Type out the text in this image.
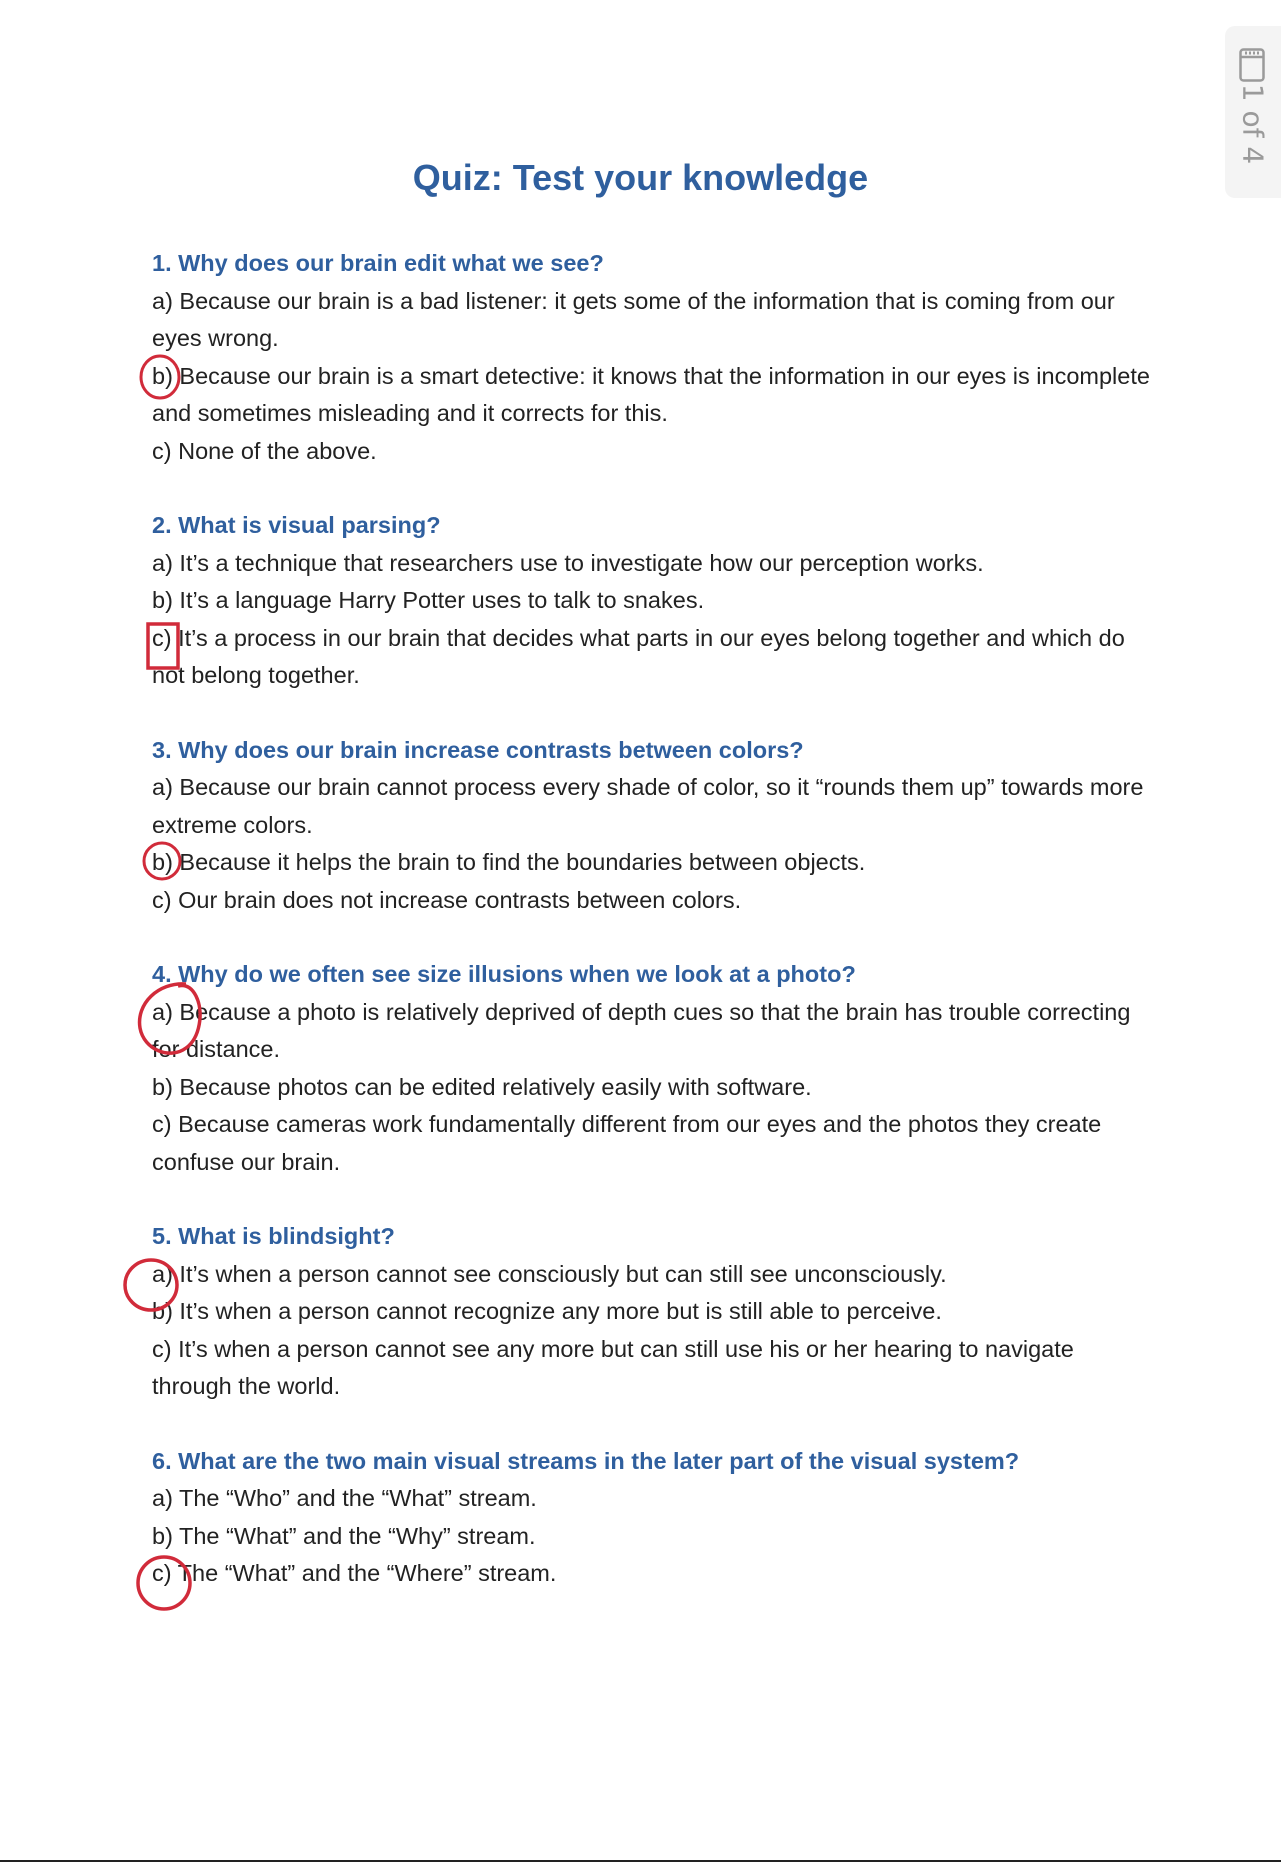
1 of 4
Quiz: Test your knowledge
1. Why does our brain edit what we see?
a) Because our brain is a bad listener: it gets some of the information that is coming from our eyes wrong.
b) Because our brain is a smart detective: it knows that the information in our eyes is incomplete and sometimes misleading and it corrects for this.
c) None of the above.
2. What is visual parsing?
a) It’s a technique that researchers use to investigate how our perception works.
b) It’s a language Harry Potter uses to talk to snakes.
c) It’s a process in our brain that decides what parts in our eyes belong together and which do not belong together.
3. Why does our brain increase contrasts between colors?
a) Because our brain cannot process every shade of color, so it “rounds them up” towards more extreme colors.
b) Because it helps the brain to find the boundaries between objects.
c) Our brain does not increase contrasts between colors.
4. Why do we often see size illusions when we look at a photo?
a) Because a photo is relatively deprived of depth cues so that the brain has trouble correcting for distance.
b) Because photos can be edited relatively easily with software.
c) Because cameras work fundamentally different from our eyes and the photos they create confuse our brain.
5. What is blindsight?
a) It’s when a person cannot see consciously but can still see unconsciously.
b) It’s when a person cannot recognize any more but is still able to perceive.
c) It’s when a person cannot see any more but can still use his or her hearing to navigate through the world.
6. What are the two main visual streams in the later part of the visual system?
a) The “Who” and the “What” stream.
b) The “What” and the “Why” stream.
c) The “What” and the “Where” stream.
